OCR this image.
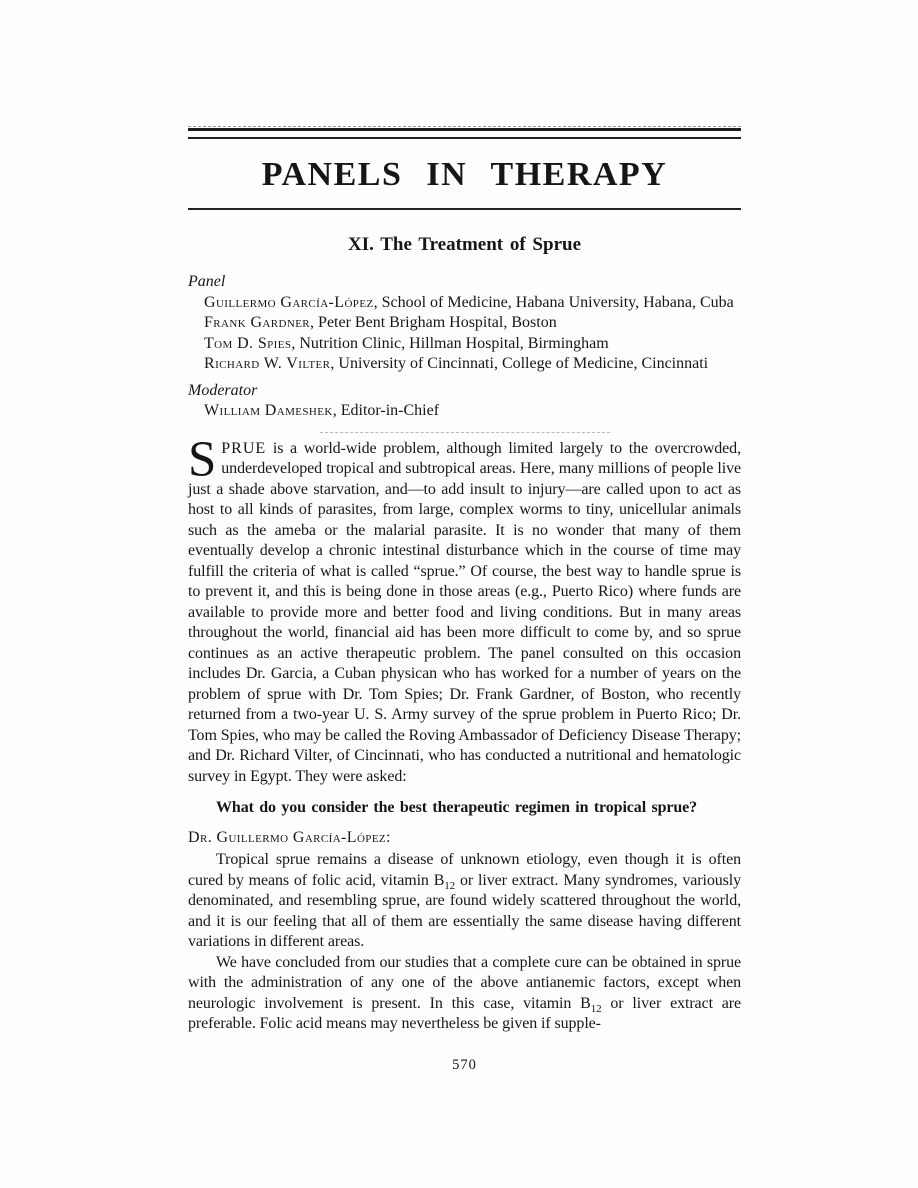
PANELS IN THERAPY
XI. The Treatment of Sprue
Panel
Guillermo García-López, School of Medicine, Habana University, Habana, Cuba
Frank Gardner, Peter Bent Brigham Hospital, Boston
Tom D. Spies, Nutrition Clinic, Hillman Hospital, Birmingham
Richard W. Vilter, University of Cincinnati, College of Medicine, Cincinnati
Moderator
William Dameshek, Editor-in-Chief

SPRUE is a world-wide problem, although limited largely to the overcrowded, underdeveloped tropical and subtropical areas. Here, many millions of people live just a shade above starvation, and—to add insult to injury—are called upon to act as host to all kinds of parasites, from large, complex worms to tiny, unicellular animals such as the ameba or the malarial parasite. It is no wonder that many of them eventually develop a chronic intestinal disturbance which in the course of time may fulfill the criteria of what is called “sprue.” Of course, the best way to handle sprue is to prevent it, and this is being done in those areas (e.g., Puerto Rico) where funds are available to provide more and better food and living conditions. But in many areas throughout the world, financial aid has been more difficult to come by, and so sprue continues as an active therapeutic problem. The panel consulted on this occasion includes Dr. Garcia, a Cuban physican who has worked for a number of years on the problem of sprue with Dr. Tom Spies; Dr. Frank Gardner, of Boston, who recently returned from a two-year U. S. Army survey of the sprue problem in Puerto Rico; Dr. Tom Spies, who may be called the Roving Ambassador of Deficiency Disease Therapy; and Dr. Richard Vilter, of Cincinnati, who has conducted a nutritional and hematologic survey in Egypt. They were asked:

What do you consider the best therapeutic regimen in tropical sprue?

Dr. Guillermo García-López:

Tropical sprue remains a disease of unknown etiology, even though it is often cured by means of folic acid, vitamin $B_{12}$ or liver extract. Many syndromes, variously denominated, and resembling sprue, are found widely scattered throughout the world, and it is our feeling that all of them are essentially the same disease having different variations in different areas.

We have concluded from our studies that a complete cure can be obtained in sprue with the administration of any one of the above antianemic factors, except when neurologic involvement is present. In this case, vitamin $B_{12}$ or liver extract are preferable. Folic acid means may nevertheless be given if supple-

570
